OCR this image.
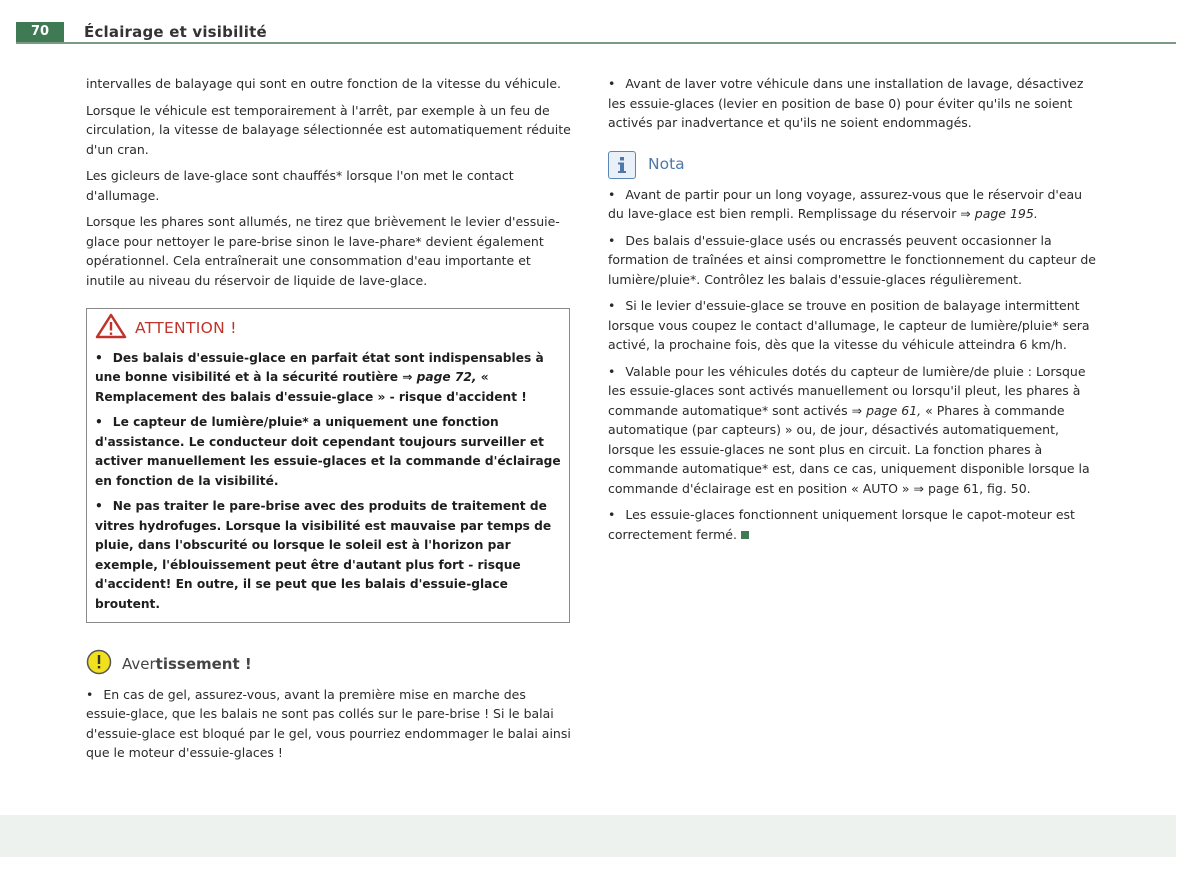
70	Éclairage et visibilité

intervalles de balayage qui sont en outre fonction de la vitesse du véhicule.

Lorsque le véhicule est temporairement à l'arrêt, par exemple à un feu de circulation, la vitesse de balayage sélectionnée est automatiquement réduite d'un cran.

Les gicleurs de lave-glace sont chauffés* lorsque l'on met le contact d'allumage.

Lorsque les phares sont allumés, ne tirez que brièvement le levier d'essuie-glace pour nettoyer le pare-brise sinon le lave-phare* devient également opérationnel. Cela entraînerait une consommation d'eau importante et inutile au niveau du réservoir de liquide de lave-glace.

ATTENTION !

• Des balais d'essuie-glace en parfait état sont indispensables à une bonne visibilité et à la sécurité routière ⇒ page 72, « Remplacement des balais d'essuie-glace » - risque d'accident !

• Le capteur de lumière/pluie* a uniquement une fonction d'assistance. Le conducteur doit cependant toujours surveiller et activer manuellement les essuie-glaces et la commande d'éclairage en fonction de la visibilité.

• Ne pas traiter le pare-brise avec des produits de traitement de vitres hydrofuges. Lorsque la visibilité est mauvaise par temps de pluie, dans l'obscurité ou lorsque le soleil est à l'horizon par exemple, l'éblouissement peut être d'autant plus fort - risque d'accident! En outre, il se peut que les balais d'essuie-glace broutent.

Avertissement !

• En cas de gel, assurez-vous, avant la première mise en marche des essuie-glace, que les balais ne sont pas collés sur le pare-brise ! Si le balai d'essuie-glace est bloqué par le gel, vous pourriez endommager le balai ainsi que le moteur d'essuie-glaces !

• Avant de laver votre véhicule dans une installation de lavage, désactivez les essuie-glaces (levier en position de base 0) pour éviter qu'ils ne soient activés par inadvertance et qu'ils ne soient endommagés.

Nota

• Avant de partir pour un long voyage, assurez-vous que le réservoir d'eau du lave-glace est bien rempli. Remplissage du réservoir ⇒ page 195.

• Des balais d'essuie-glace usés ou encrassés peuvent occasionner la formation de traînées et ainsi compromettre le fonctionnement du capteur de lumière/pluie*. Contrôlez les balais d'essuie-glaces régulièrement.

• Si le levier d'essuie-glace se trouve en position de balayage intermittent lorsque vous coupez le contact d'allumage, le capteur de lumière/pluie* sera activé, la prochaine fois, dès que la vitesse du véhicule atteindra 6 km/h.

• Valable pour les véhicules dotés du capteur de lumière/de pluie : Lorsque les essuie-glaces sont activés manuellement ou lorsqu'il pleut, les phares à commande automatique* sont activés ⇒ page 61, « Phares à commande automatique (par capteurs) » ou, de jour, désactivés automatiquement, lorsque les essuie-glaces ne sont plus en circuit. La fonction phares à commande automatique* est, dans ce cas, uniquement disponible lorsque la commande d'éclairage est en position « AUTO » ⇒ page 61, fig. 50.

• Les essuie-glaces fonctionnent uniquement lorsque le capot-moteur est correctement fermé.
